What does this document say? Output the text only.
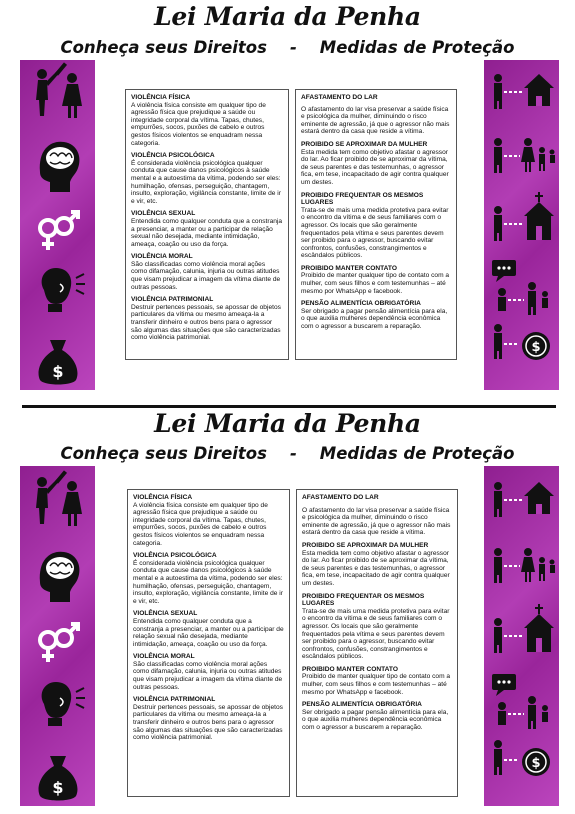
Lei Maria da Penha
Conheça seus Direitos - Medidas de Proteção
$
VIOLÊNCIA FÍSICA
A violência física consiste em qualquer tipo de agressão física que prejudique a saúde ou integridade corporal da vítima. Tapas, chutes, empurrões, socos, puxões de cabelo e outros gestos físicos violentos se enquadram nessa categoria.
VIOLÊNCIA PSICOLÓGICA
É considerada violência psicológica qualquer conduta que cause danos psicológicos à saúde mental e a autoestima da vítima, podendo ser eles: humilhação, ofensas, perseguição, chantagem, insulto, exploração, vigilância constante, limite de ir e vir, etc.
VIOLÊNCIA SEXUAL
Entendida como qualquer conduta que a constranja a presenciar, a manter ou a participar de relação sexual não desejada, mediante intimidação, ameaça, coação ou uso da força.
VIOLÊNCIA MORAL
São classificadas como violência moral ações como difamação, calunia, injuria ou outras atitudes que visam prejudicar a imagem da vítima diante de outras pessoas.
VIOLÊNCIA PATRIMONIAL
Destruir pertences pessoais, se apossar de objetos particulares da vítima ou mesmo ameaça-la a transferir dinheiro e outros bens para o agressor são algumas das situações que são caracterizadas como violência patrimonial.
AFASTAMENTO DO LAR
O afastamento do lar visa preservar a saúde física e psicológica da mulher, diminuindo o risco eminente de agressão, já que o agressor não mais estará dentro da casa que reside a vítima.
PROIBIDO SE APROXIMAR DA MULHER
Esta medida tem como objetivo afastar o agressor do lar. Ao ficar proibido de se aproximar da vítima, de seus parentes e das testemunhas, o agressor fica, em tese, incapacitado de agir contra qualquer um destes.
PROIBIDO FREQUENTAR OS MESMOS LUGARES
Trata-se de mais uma medida protetiva para evitar o encontro da vítima e de seus familiares com o agressor. Os locais que são geralmente frequentados pela vítima e seus parentes devem ser proibido para o agressor, buscando evitar confrontos, confusões, constrangimentos e escândalos públicos.
PROIBIDO MANTER CONTATO
Proibido de manter qualquer tipo de contato com a mulher, com seus filhos e com testemunhas – até mesmo por WhatsApp e facebook.
PENSÃO ALIMENTÍCIA OBRIGATÓRIA
Ser obrigado a pagar pensão alimentícia para ela, o que auxilia mulheres dependência econômica com o agressor a buscarem a reparação.
$
Lei Maria da Penha
Conheça seus Direitos - Medidas de Proteção
$
VIOLÊNCIA FÍSICA
A violência física consiste em qualquer tipo de agressão física que prejudique a saúde ou integridade corporal da vítima. Tapas, chutes, empurrões, socos, puxões de cabelo e outros gestos físicos violentos se enquadram nessa categoria.
VIOLÊNCIA PSICOLÓGICA
É considerada violência psicológica qualquer conduta que cause danos psicológicos à saúde mental e a autoestima da vítima, podendo ser eles: humilhação, ofensas, perseguição, chantagem, insulto, exploração, vigilância constante, limite de ir e vir, etc.
VIOLÊNCIA SEXUAL
Entendida como qualquer conduta que a constranja a presenciar, a manter ou a participar de relação sexual não desejada, mediante intimidação, ameaça, coação ou uso da força.
VIOLÊNCIA MORAL
São classificadas como violência moral ações como difamação, calunia, injuria ou outras atitudes que visam prejudicar a imagem da vítima diante de outras pessoas.
VIOLÊNCIA PATRIMONIAL
Destruir pertences pessoais, se apossar de objetos particulares da vítima ou mesmo ameaça-la a transferir dinheiro e outros bens para o agressor são algumas das situações que são caracterizadas como violência patrimonial.
AFASTAMENTO DO LAR
O afastamento do lar visa preservar a saúde física e psicológica da mulher, diminuindo o risco eminente de agressão, já que o agressor não mais estará dentro da casa que reside a vítima.
PROIBIDO SE APROXIMAR DA MULHER
Esta medida tem como objetivo afastar o agressor do lar. Ao ficar proibido de se aproximar da vítima, de seus parentes e das testemunhas, o agressor fica, em tese, incapacitado de agir contra qualquer um destes.
PROIBIDO FREQUENTAR OS MESMOS LUGARES
Trata-se de mais uma medida protetiva para evitar o encontro da vítima e de seus familiares com o agressor. Os locais que são geralmente frequentados pela vítima e seus parentes devem ser proibido para o agressor, buscando evitar confrontos, confusões, constrangimentos e escândalos públicos.
PROIBIDO MANTER CONTATO
Proibido de manter qualquer tipo de contato com a mulher, com seus filhos e com testemunhas – até mesmo por WhatsApp e facebook.
PENSÃO ALIMENTÍCIA OBRIGATÓRIA
Ser obrigado a pagar pensão alimentícia para ela, o que auxilia mulheres dependência econômica com o agressor a buscarem a reparação.
$
